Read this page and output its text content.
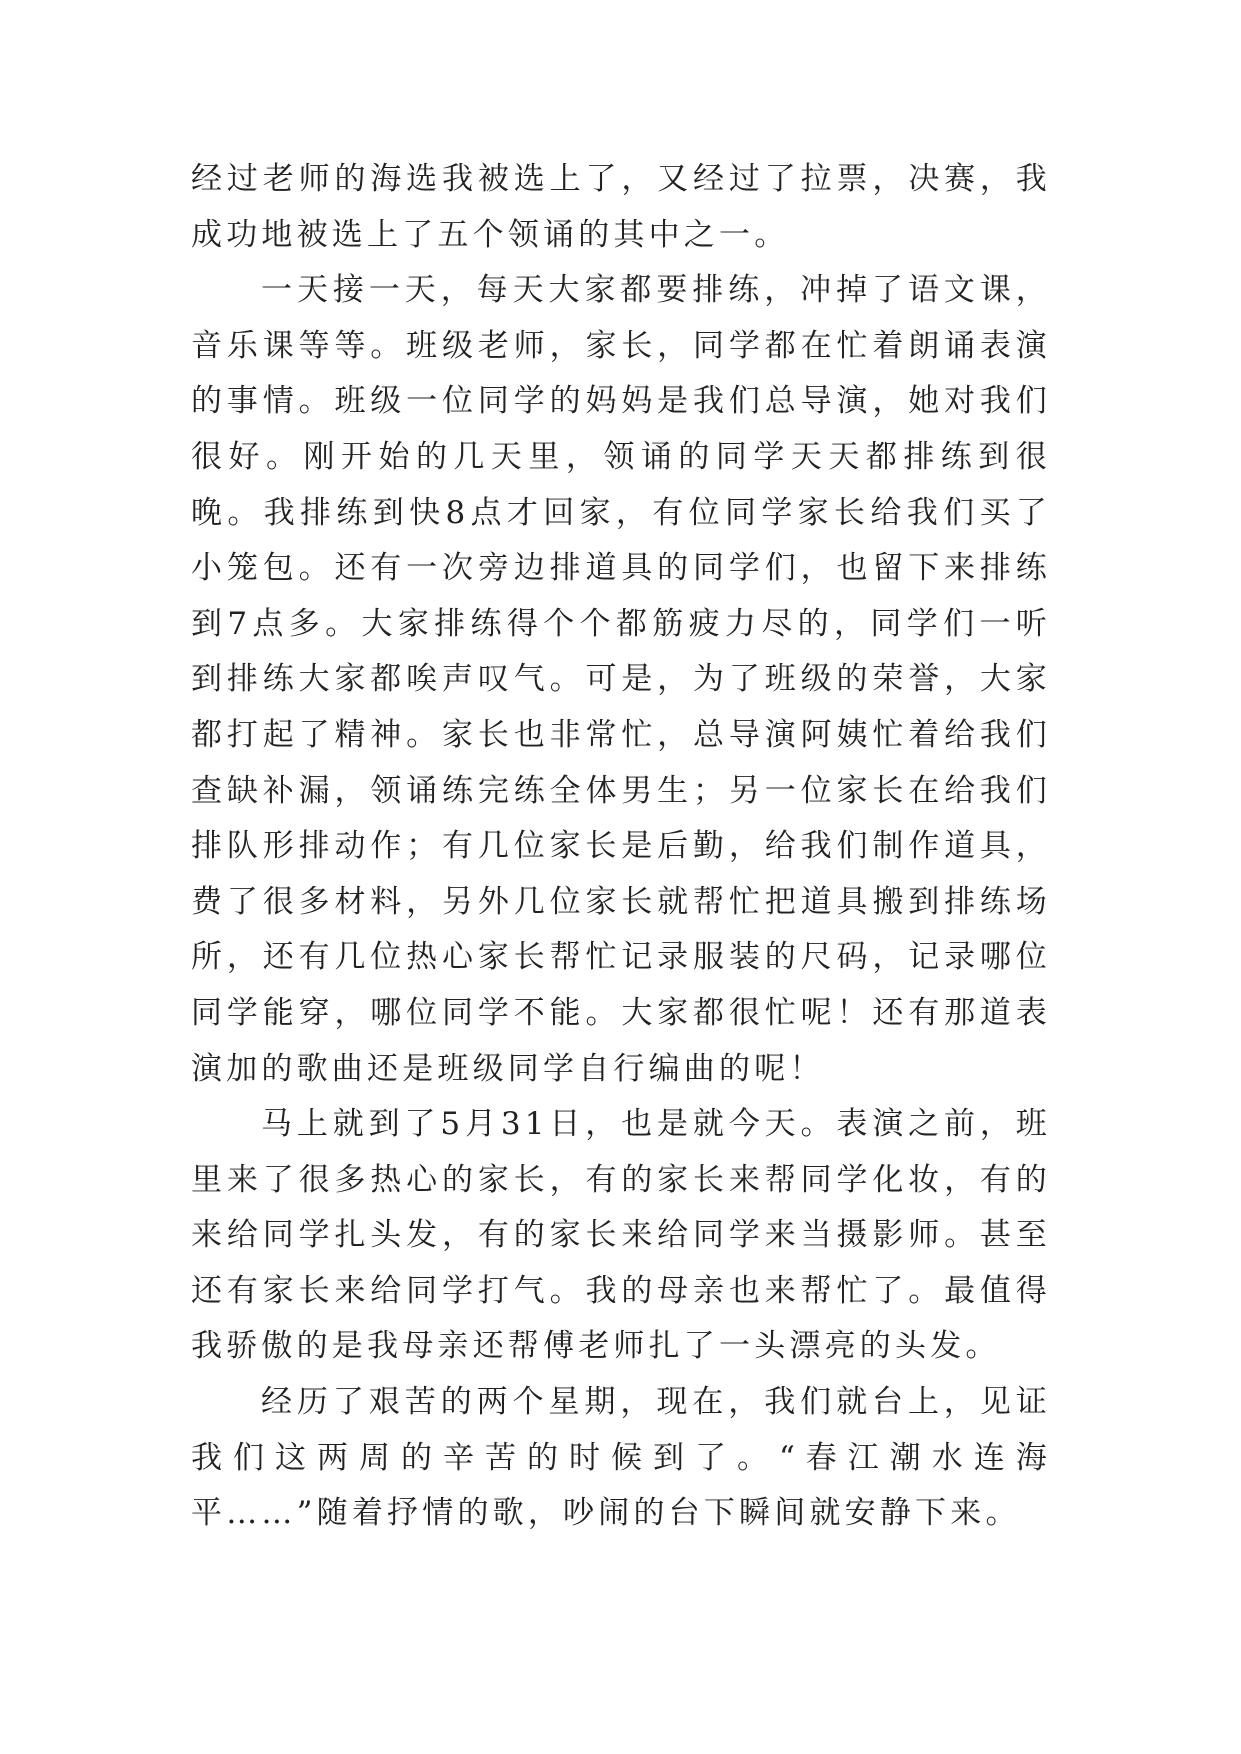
经过老师的海选我被选上了，又经过了拉票，决赛，我成功地被选上了五个领诵的其中之一。

一天接一天，每天大家都要排练，冲掉了语文课，音乐课等等。班级老师，家长，同学都在忙着朗诵表演的事情。班级一位同学的妈妈是我们总导演，她对我们很好。刚开始的几天里，领诵的同学天天都排练到很晚。我排练到快8点才回家，有位同学家长给我们买了小笼包。还有一次旁边排道具的同学们，也留下来排练到7点多。大家排练得个个都筋疲力尽的，同学们一听到排练大家都唉声叹气。可是，为了班级的荣誉，大家都打起了精神。家长也非常忙，总导演阿姨忙着给我们查缺补漏，领诵练完练全体男生；另一位家长在给我们排队形排动作；有几位家长是后勤，给我们制作道具，费了很多材料，另外几位家长就帮忙把道具搬到排练场所，还有几位热心家长帮忙记录服装的尺码，记录哪位同学能穿，哪位同学不能。大家都很忙呢！还有那道表演加的歌曲还是班级同学自行编曲的呢！

马上就到了5月31日，也是就今天。表演之前，班里来了很多热心的家长，有的家长来帮同学化妆，有的来给同学扎头发，有的家长来给同学来当摄影师。甚至还有家长来给同学打气。我的母亲也来帮忙了。最值得我骄傲的是我母亲还帮傅老师扎了一头漂亮的头发。

经历了艰苦的两个星期，现在，我们就台上，见证我们这两周的辛苦的时候到了。“春江潮水连海平……”随着抒情的歌，吵闹的台下瞬间就安静下来。
